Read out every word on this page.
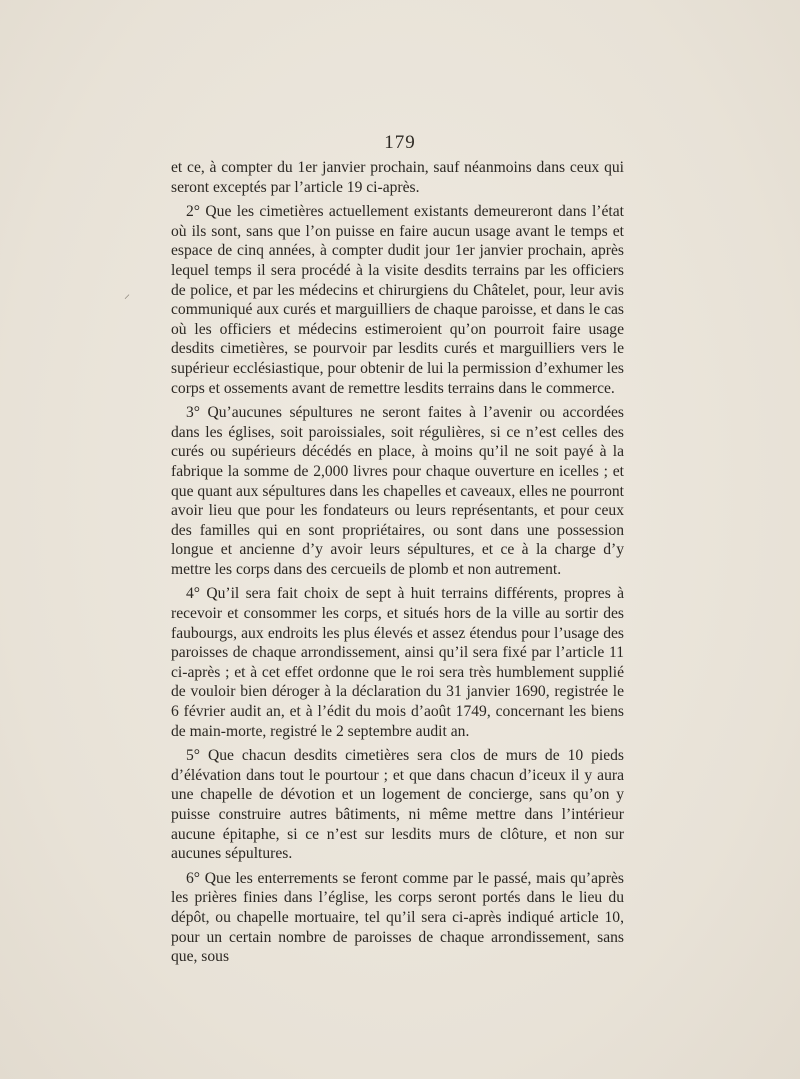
179

et ce, à compter du 1er janvier prochain, sauf néanmoins dans ceux qui seront exceptés par l’article 19 ci-après.

2° Que les cimetières actuellement existants demeureront dans l’état où ils sont, sans que l’on puisse en faire aucun usage avant le temps et espace de cinq années, à compter dudit jour 1er janvier prochain, après lequel temps il sera procédé à la visite desdits terrains par les officiers de police, et par les médecins et chirurgiens du Châtelet, pour, leur avis communiqué aux curés et marguilliers de chaque paroisse, et dans le cas où les officiers et médecins estimeroient qu’on pourroit faire usage desdits cimetières, se pourvoir par lesdits curés et marguilliers vers le supérieur ecclésiastique, pour obtenir de lui la permission d’exhumer les corps et ossements avant de remettre lesdits terrains dans le commerce.

3° Qu’aucunes sépultures ne seront faites à l’avenir ou accordées dans les églises, soit paroissiales, soit régulières, si ce n’est celles des curés ou supérieurs décédés en place, à moins qu’il ne soit payé à la fabrique la somme de 2,000 livres pour chaque ouverture en icelles ; et que quant aux sépultures dans les chapelles et caveaux, elles ne pourront avoir lieu que pour les fondateurs ou leurs représentants, et pour ceux des familles qui en sont propriétaires, ou sont dans une possession longue et ancienne d’y avoir leurs sépultures, et ce à la charge d’y mettre les corps dans des cercueils de plomb et non autrement.

4° Qu’il sera fait choix de sept à huit terrains différents, propres à recevoir et consommer les corps, et situés hors de la ville au sortir des faubourgs, aux endroits les plus élevés et assez étendus pour l’usage des paroisses de chaque arrondissement, ainsi qu’il sera fixé par l’article 11 ci-après ; et à cet effet ordonne que le roi sera très humblement supplié de vouloir bien déroger à la déclaration du 31 janvier 1690, registrée le 6 février audit an, et à l’édit du mois d’août 1749, concernant les biens de main-morte, registré le 2 septembre audit an.

5° Que chacun desdits cimetières sera clos de murs de 10 pieds d’élévation dans tout le pourtour ; et que dans chacun d’iceux il y aura une chapelle de dévotion et un logement de concierge, sans qu’on y puisse construire autres bâtiments, ni même mettre dans l’intérieur aucune épitaphe, si ce n’est sur lesdits murs de clôture, et non sur aucunes sépultures.

6° Que les enterrements se feront comme par le passé, mais qu’après les prières finies dans l’église, les corps seront portés dans le lieu du dépôt, ou chapelle mortuaire, tel qu’il sera ci-après indiqué article 10, pour un certain nombre de paroisses de chaque arrondissement, sans que, sous

⸍
